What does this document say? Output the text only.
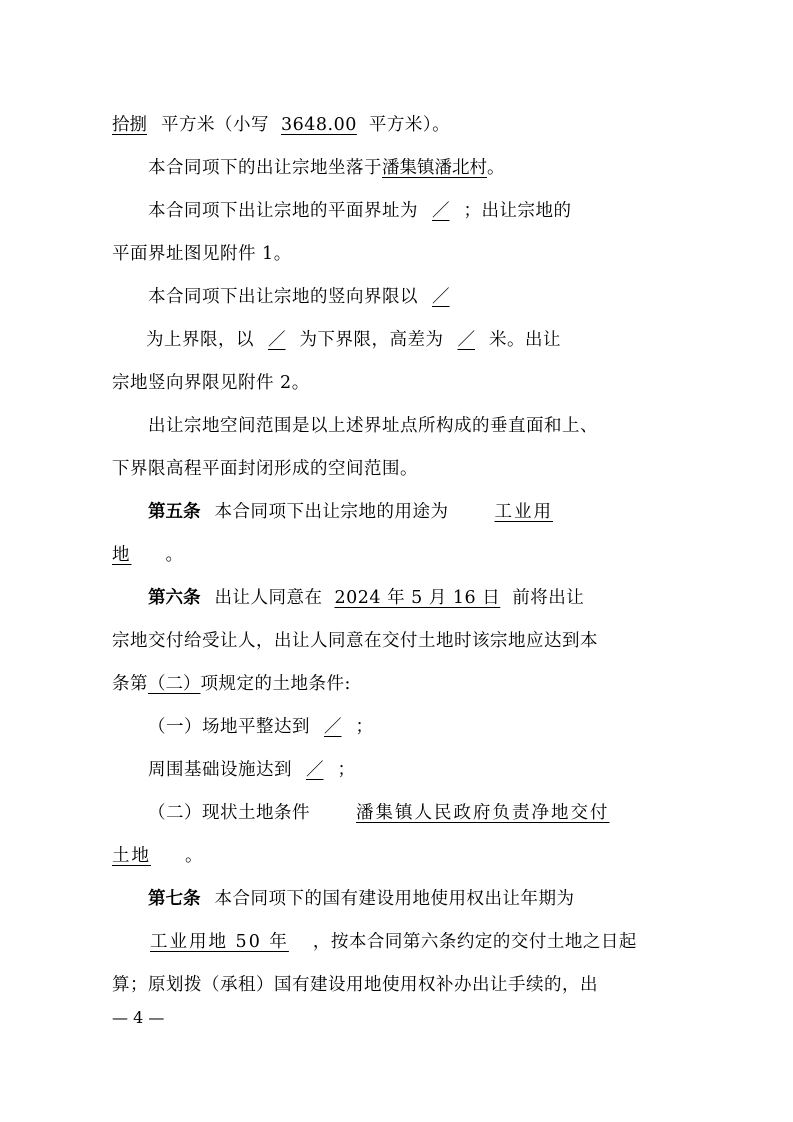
拾捌 平方米（小写 3648.00 平方米）。
本合同项下的出让宗地坐落于潘集镇潘北村。
本合同项下出让宗地的平面界址为 ／ ；出让宗地的
平面界址图见附件 1。
本合同项下出让宗地的竖向界限以 ／
为上界限，以 ／ 为下界限，高差为 ／ 米。出让
宗地竖向界限见附件 2。
出让宗地空间范围是以上述界址点所构成的垂直面和上、
下界限高程平面封闭形成的空间范围。
第五条 本合同项下出让宗地的用途为	工业用
地 。
第六条 出让人同意在 2024 年 5 月 16 日 前将出让
宗地交付给受让人，出让人同意在交付土地时该宗地应达到本
条第（二）项规定的土地条件:
（一）场地平整达到 ／ ；
周围基础设施达到 ／ ；
（二）现状土地条件	潘集镇人民政府负责净地交付
土地 。
第七条 本合同项下的国有建设用地使用权出让年期为
工业用地 50 年 ，按本合同第六条约定的交付土地之日起
算；原划拨（承租）国有建设用地使用权补办出让手续的，出
— 4 —
